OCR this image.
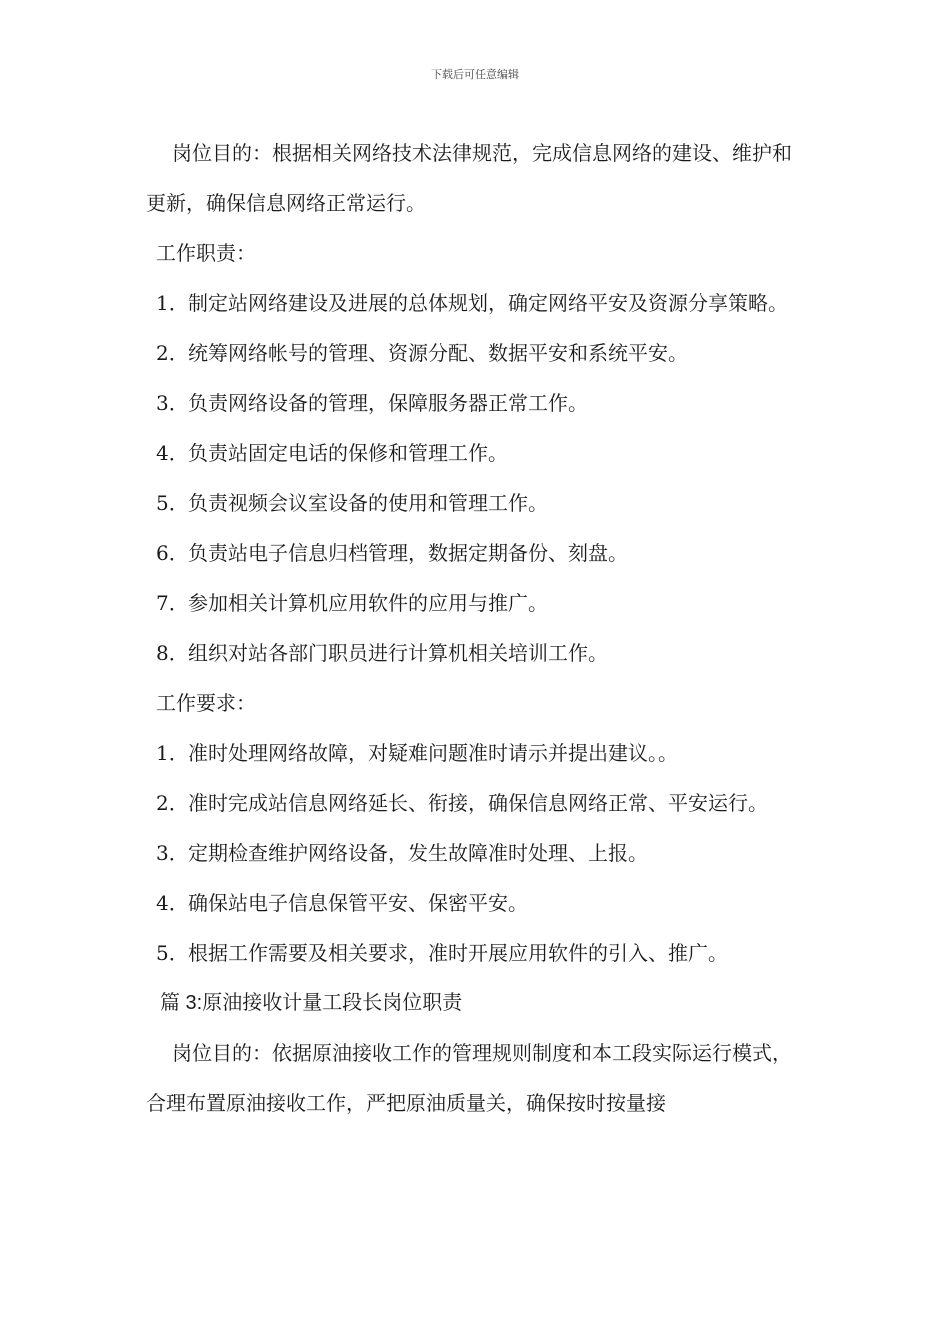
下载后可任意编辑

岗位目的：根据相关网络技术法律规范，完成信息网络的建设、维护和更新，确保信息网络正常运行。

工作职责：

1．制定站网络建设及进展的总体规划，确定网络平安及资源分享策略。

2．统筹网络帐号的管理、资源分配、数据平安和系统平安。

3．负责网络设备的管理，保障服务器正常工作。

4．负责站固定电话的保修和管理工作。

5．负责视频会议室设备的使用和管理工作。

6．负责站电子信息归档管理，数据定期备份、刻盘。

7．参加相关计算机应用软件的应用与推广。

8．组织对站各部门职员进行计算机相关培训工作。

工作要求：

1．准时处理网络故障，对疑难问题准时请示并提出建议。。

2．准时完成站信息网络延长、衔接，确保信息网络正常、平安运行。

3．定期检查维护网络设备，发生故障准时处理、上报。

4．确保站电子信息保管平安、保密平安。

5．根据工作需要及相关要求，准时开展应用软件的引入、推广。

篇 3:原油接收计量工段长岗位职责

岗位目的：依据原油接收工作的管理规则制度和本工段实际运行模式，合理布置原油接收工作，严把原油质量关，确保按时按量接
